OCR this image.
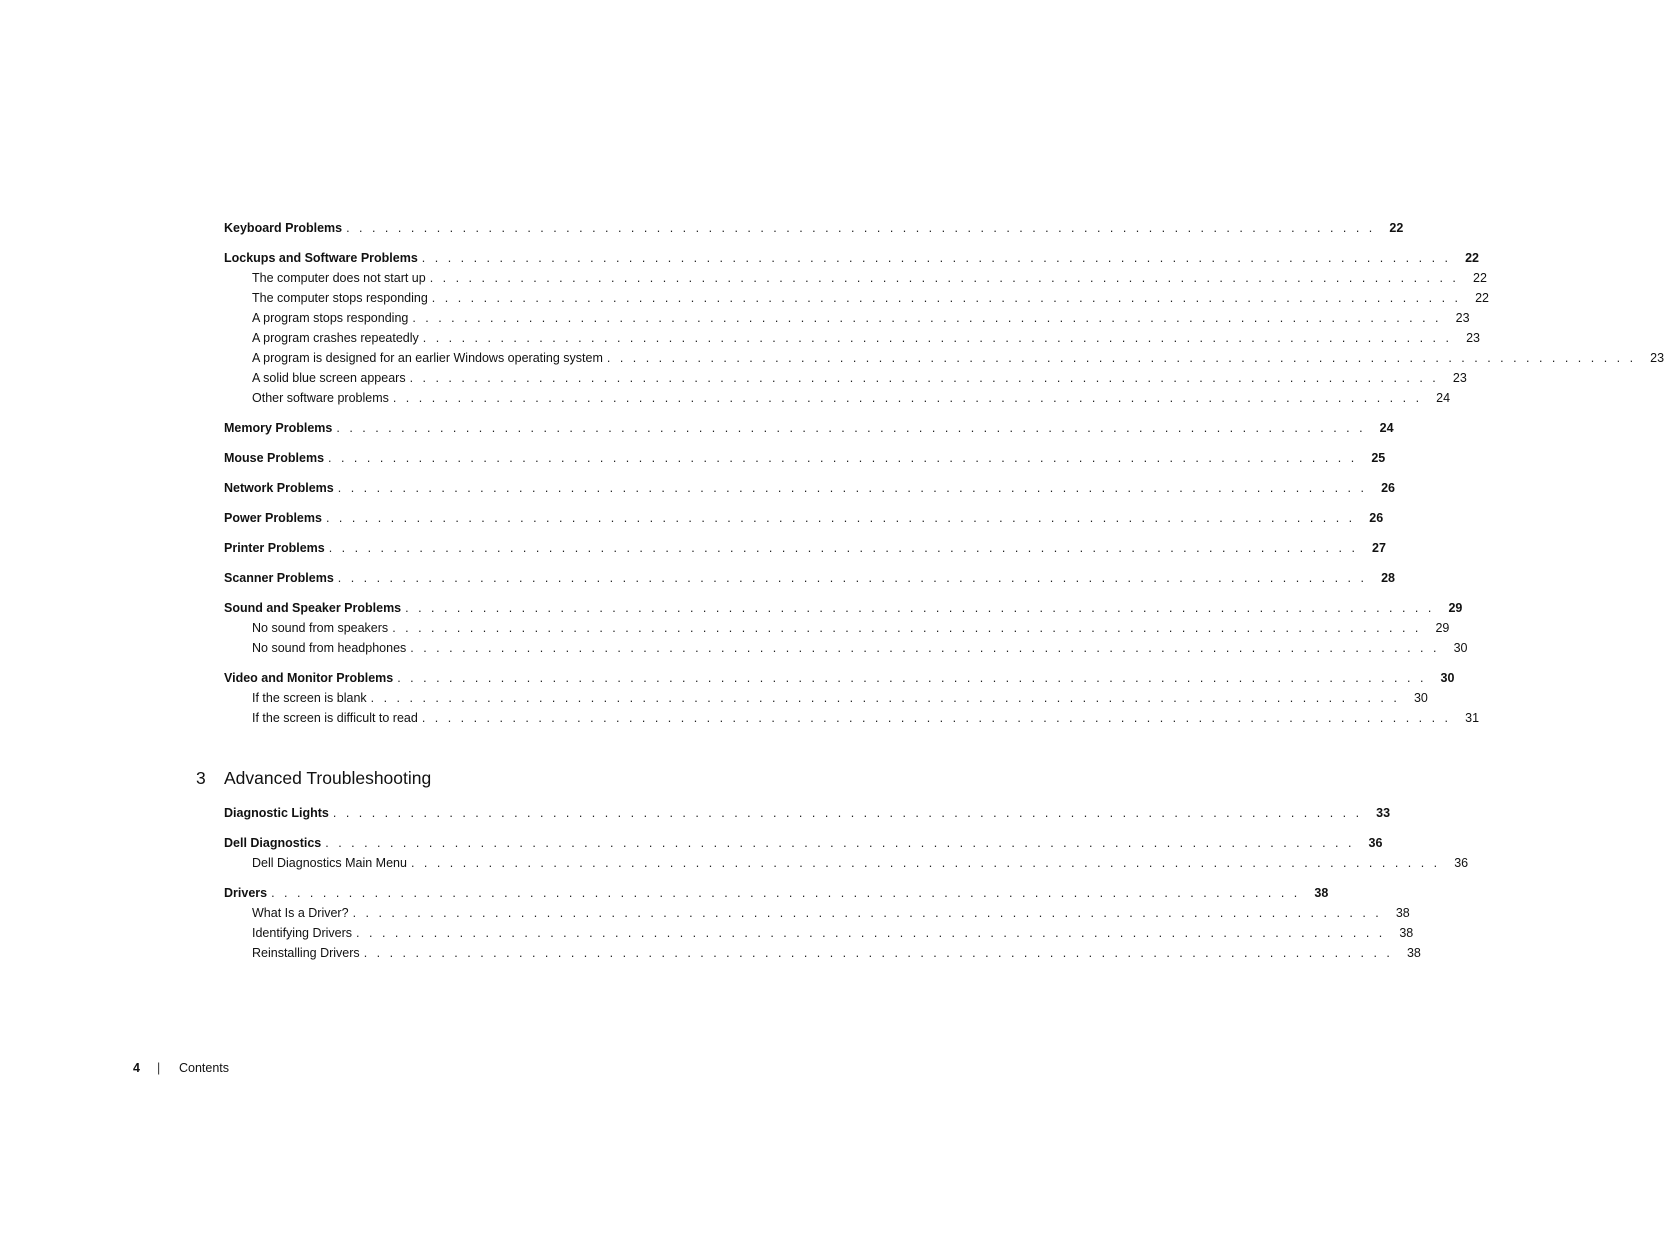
Keyboard Problems . . . . . . . . . . . . . . . . . . . . . . . . . . . . . . . . . . . . . . . . . . . . . . . . . . . . . . . . . . . . . . . . . . . . . . . . . . . . . . . . 22
Lockups and Software Problems . . . . . . . . . . . . . . . . . . . . . . . . . . . . . . . . . . . . . . . . . . . . . . . . . . . . . . . . . . . . . . . . . . . . . . . . . . . . . . . . 22
The computer does not start up . . . . . . . . . . . . . . . . . . . . . . . . . . . . . . . . . . . . . . . . . . . . . . . . . . . . . . . . . . . . . . . . . . . . . . . . . . . . . . . . 22
The computer stops responding . . . . . . . . . . . . . . . . . . . . . . . . . . . . . . . . . . . . . . . . . . . . . . . . . . . . . . . . . . . . . . . . . . . . . . . . . . . . . . . . 22
A program stops responding . . . . . . . . . . . . . . . . . . . . . . . . . . . . . . . . . . . . . . . . . . . . . . . . . . . . . . . . . . . . . . . . . . . . . . . . . . . . . . . . 23
A program crashes repeatedly . . . . . . . . . . . . . . . . . . . . . . . . . . . . . . . . . . . . . . . . . . . . . . . . . . . . . . . . . . . . . . . . . . . . . . . . . . . . . . . . 23
A program is designed for an earlier Windows operating system . . . . . . . . . . . . . . . . . . . . . . . . . . . . . . . . . . . . . . . . . . . . . . . . . . . . . . . . . . . . . . . . . . . . . . . . . . . . . . . . 23
A solid blue screen appears . . . . . . . . . . . . . . . . . . . . . . . . . . . . . . . . . . . . . . . . . . . . . . . . . . . . . . . . . . . . . . . . . . . . . . . . . . . . . . . . 23
Other software problems . . . . . . . . . . . . . . . . . . . . . . . . . . . . . . . . . . . . . . . . . . . . . . . . . . . . . . . . . . . . . . . . . . . . . . . . . . . . . . . . 24
Memory Problems . . . . . . . . . . . . . . . . . . . . . . . . . . . . . . . . . . . . . . . . . . . . . . . . . . . . . . . . . . . . . . . . . . . . . . . . . . . . . . . . 24
Mouse Problems . . . . . . . . . . . . . . . . . . . . . . . . . . . . . . . . . . . . . . . . . . . . . . . . . . . . . . . . . . . . . . . . . . . . . . . . . . . . . . . . 25
Network Problems . . . . . . . . . . . . . . . . . . . . . . . . . . . . . . . . . . . . . . . . . . . . . . . . . . . . . . . . . . . . . . . . . . . . . . . . . . . . . . . . 26
Power Problems . . . . . . . . . . . . . . . . . . . . . . . . . . . . . . . . . . . . . . . . . . . . . . . . . . . . . . . . . . . . . . . . . . . . . . . . . . . . . . . . 26
Printer Problems . . . . . . . . . . . . . . . . . . . . . . . . . . . . . . . . . . . . . . . . . . . . . . . . . . . . . . . . . . . . . . . . . . . . . . . . . . . . . . . . 27
Scanner Problems . . . . . . . . . . . . . . . . . . . . . . . . . . . . . . . . . . . . . . . . . . . . . . . . . . . . . . . . . . . . . . . . . . . . . . . . . . . . . . . . 28
Sound and Speaker Problems . . . . . . . . . . . . . . . . . . . . . . . . . . . . . . . . . . . . . . . . . . . . . . . . . . . . . . . . . . . . . . . . . . . . . . . . . . . . . . . . 29
No sound from speakers . . . . . . . . . . . . . . . . . . . . . . . . . . . . . . . . . . . . . . . . . . . . . . . . . . . . . . . . . . . . . . . . . . . . . . . . . . . . . . . . 29
No sound from headphones . . . . . . . . . . . . . . . . . . . . . . . . . . . . . . . . . . . . . . . . . . . . . . . . . . . . . . . . . . . . . . . . . . . . . . . . . . . . . . . . 30
Video and Monitor Problems . . . . . . . . . . . . . . . . . . . . . . . . . . . . . . . . . . . . . . . . . . . . . . . . . . . . . . . . . . . . . . . . . . . . . . . . . . . . . . . . 30
If the screen is blank . . . . . . . . . . . . . . . . . . . . . . . . . . . . . . . . . . . . . . . . . . . . . . . . . . . . . . . . . . . . . . . . . . . . . . . . . . . . . . . . 30
If the screen is difficult to read . . . . . . . . . . . . . . . . . . . . . . . . . . . . . . . . . . . . . . . . . . . . . . . . . . . . . . . . . . . . . . . . . . . . . . . . . . . . . . . . 31
3	Advanced Troubleshooting
Diagnostic Lights . . . . . . . . . . . . . . . . . . . . . . . . . . . . . . . . . . . . . . . . . . . . . . . . . . . . . . . . . . . . . . . . . . . . . . . . . . . . . . . . 33
Dell Diagnostics . . . . . . . . . . . . . . . . . . . . . . . . . . . . . . . . . . . . . . . . . . . . . . . . . . . . . . . . . . . . . . . . . . . . . . . . . . . . . . . . 36
Dell Diagnostics Main Menu . . . . . . . . . . . . . . . . . . . . . . . . . . . . . . . . . . . . . . . . . . . . . . . . . . . . . . . . . . . . . . . . . . . . . . . . . . . . . . . . 36
Drivers . . . . . . . . . . . . . . . . . . . . . . . . . . . . . . . . . . . . . . . . . . . . . . . . . . . . . . . . . . . . . . . . . . . . . . . . . . . . . . . . 38
What Is a Driver? . . . . . . . . . . . . . . . . . . . . . . . . . . . . . . . . . . . . . . . . . . . . . . . . . . . . . . . . . . . . . . . . . . . . . . . . . . . . . . . . 38
Identifying Drivers . . . . . . . . . . . . . . . . . . . . . . . . . . . . . . . . . . . . . . . . . . . . . . . . . . . . . . . . . . . . . . . . . . . . . . . . . . . . . . . . 38
Reinstalling Drivers . . . . . . . . . . . . . . . . . . . . . . . . . . . . . . . . . . . . . . . . . . . . . . . . . . . . . . . . . . . . . . . . . . . . . . . . . . . . . . . . 38
4	|	Contents
